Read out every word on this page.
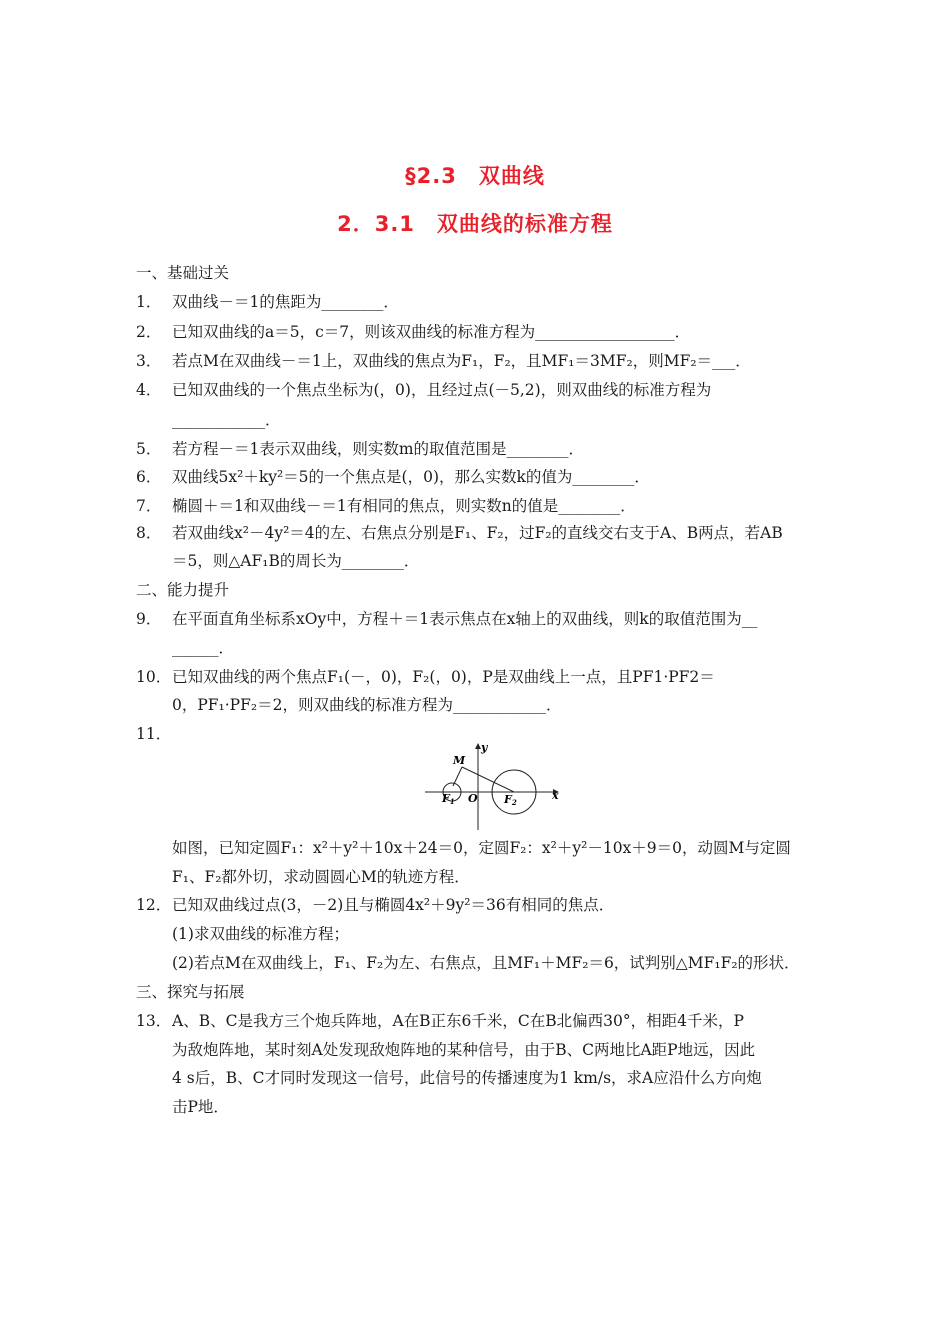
§2.3　双曲线
2．3.1　双曲线的标准方程
一、基础过关
1． 双曲线－＝1的焦距为________．
2． 已知双曲线的a＝5，c＝7，则该双曲线的标准方程为__________________．
3． 若点M在双曲线－＝1上，双曲线的焦点为F₁，F₂，且MF₁＝3MF₂，则MF₂＝___．
4． 已知双曲线的一个焦点坐标为(，0)，且经过点(－5,2)，则双曲线的标准方程为
____________．
5． 若方程－＝1表示双曲线，则实数m的取值范围是________．
6． 双曲线5x²＋ky²＝5的一个焦点是(，0)，那么实数k的值为________．
7． 椭圆＋＝1和双曲线－＝1有相同的焦点，则实数n的值是________．
8． 若双曲线x²－4y²＝4的左、右焦点分别是F₁、F₂，过F₂的直线交右支于A、B两点，若AB
＝5，则△AF₁B的周长为________．
二、能力提升
9． 在平面直角坐标系xOy中，方程＋＝1表示焦点在x轴上的双曲线，则k的取值范围为__
______．
10． 已知双曲线的两个焦点F₁(－，0)，F₂(，0)，P是双曲线上一点，且PF1·PF2＝
0，PF₁·PF₂＝2，则双曲线的标准方程为____________．
11．
M
y
x
O
F1	F2
如图，已知定圆F₁：x²＋y²＋10x＋24＝0，定圆F₂：x²＋y²－10x＋9＝0，动圆M与定圆
F₁、F₂都外切，求动圆圆心M的轨迹方程．
12． 已知双曲线过点(3，－2)且与椭圆4x²＋9y²＝36有相同的焦点．
(1)求双曲线的标准方程；
(2)若点M在双曲线上，F₁、F₂为左、右焦点，且MF₁＋MF₂＝6，试判别△MF₁F₂的形状．
三、探究与拓展
13． A、B、C是我方三个炮兵阵地，A在B正东6千米，C在B北偏西30°，相距4千米，P
为敌炮阵地，某时刻A处发现敌炮阵地的某种信号，由于B、C两地比A距P地远，因此
4 s后，B、C才同时发现这一信号，此信号的传播速度为1 km/s，求A应沿什么方向炮
击P地．
